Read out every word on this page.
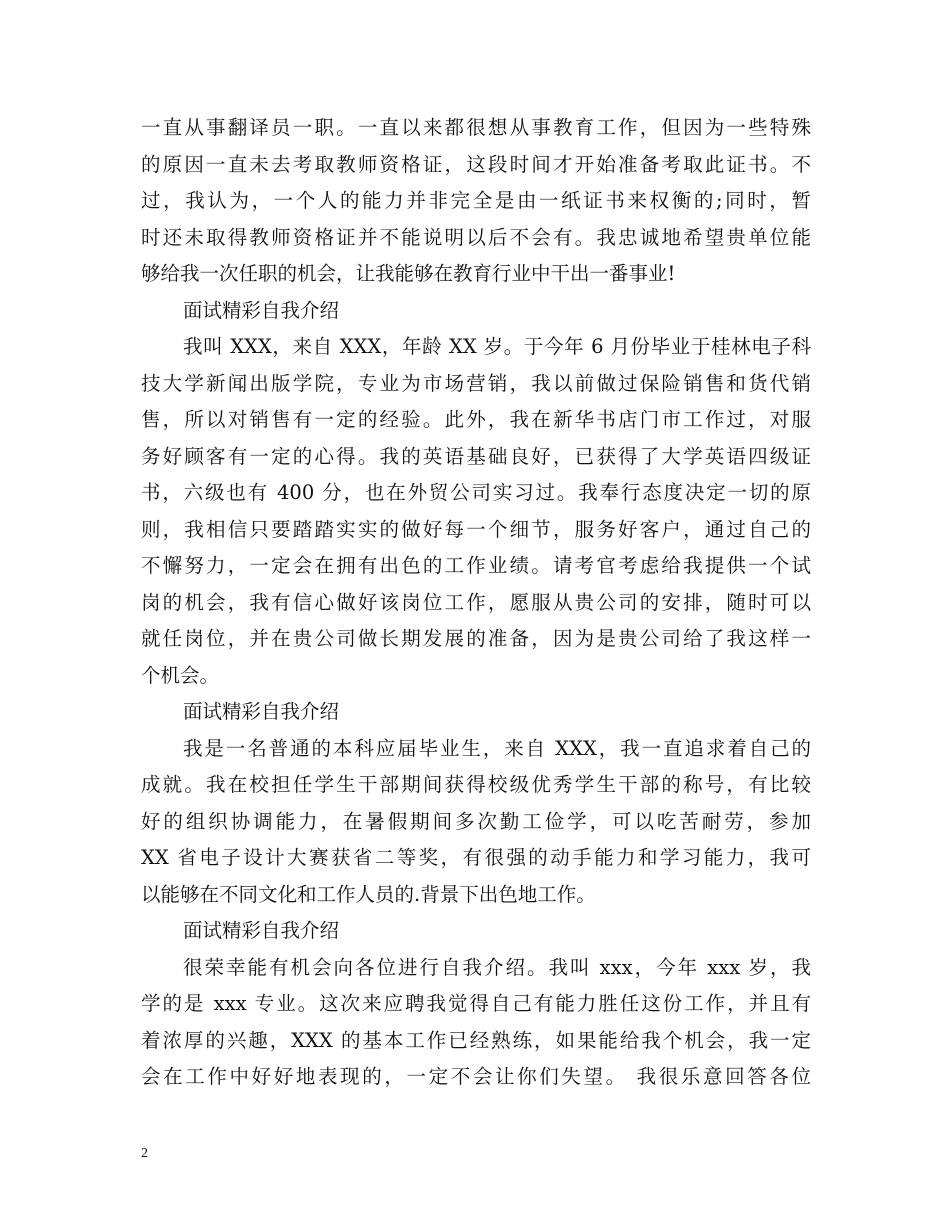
一直从事翻译员一职。一直以来都很想从事教育工作，但因为一些特殊
的原因一直未去考取教师资格证，这段时间才开始准备考取此证书。不
过，我认为，一个人的能力并非完全是由一纸证书来权衡的;同时，暂
时还未取得教师资格证并不能说明以后不会有。我忠诚地希望贵单位能
够给我一次任职的机会，让我能够在教育行业中干出一番事业!
面试精彩自我介绍
我叫 XXX，来自 XXX，年龄 XX 岁。于今年 6 月份毕业于桂林电子科
技大学新闻出版学院，专业为市场营销，我以前做过保险销售和货代销
售，所以对销售有一定的经验。此外，我在新华书店门市工作过，对服
务好顾客有一定的心得。我的英语基础良好，已获得了大学英语四级证
书，六级也有 400 分，也在外贸公司实习过。我奉行态度决定一切的原
则，我相信只要踏踏实实的做好每一个细节，服务好客户，通过自己的
不懈努力，一定会在拥有出色的工作业绩。请考官考虑给我提供一个试
岗的机会，我有信心做好该岗位工作，愿服从贵公司的安排，随时可以
就任岗位，并在贵公司做长期发展的准备，因为是贵公司给了我这样一
个机会。
面试精彩自我介绍
我是一名普通的本科应届毕业生，来自 XXX，我一直追求着自己的
成就。我在校担任学生干部期间获得校级优秀学生干部的称号，有比较
好的组织协调能力，在暑假期间多次勤工俭学，可以吃苦耐劳，参加
XX 省电子设计大赛获省二等奖，有很强的动手能力和学习能力，我可
以能够在不同文化和工作人员的.背景下出色地工作。
面试精彩自我介绍
很荣幸能有机会向各位进行自我介绍。我叫 xxx，今年 xxx 岁，我
学的是 xxx 专业。这次来应聘我觉得自己有能力胜任这份工作，并且有
着浓厚的兴趣，XXX 的基本工作已经熟练，如果能给我个机会，我一定
会在工作中好好地表现的，一定不会让你们失望。 我很乐意回答各位
2
